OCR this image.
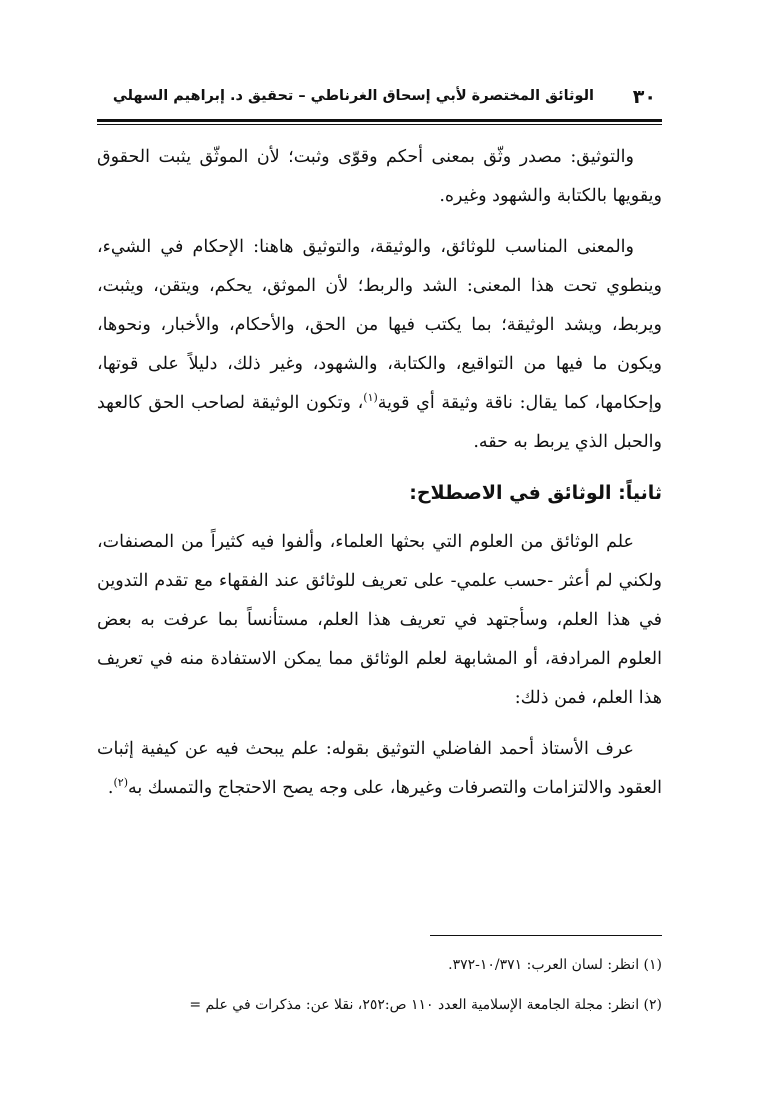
٣٠
الوثائق المختصرة لأبي إسحاق الغرناطي – تحقيق د. إبراهيم السهلي

والتوثيق: مصدر وثّق بمعنى أحكم وقوّى وثبت؛ لأن الموثّق يثبت الحقوق ويقويها بالكتابة والشهود وغيره.

والمعنى المناسب للوثائق، والوثيقة، والتوثيق هاهنا: الإحكام في الشيء، وينطوي تحت هذا المعنى: الشد والربط؛ لأن الموثق، يحكم، ويتقن، ويثبت، ويربط، ويشد الوثيقة؛ بما يكتب فيها من الحق، والأحكام، والأخبار، ونحوها، ويكون ما فيها من التواقيع، والكتابة، والشهود، وغير ذلك، دليلاً على قوتها، وإحكامها، كما يقال: ناقة وثيقة أي قوية$^{(١)}$، وتكون الوثيقة لصاحب الحق كالعهد والحبل الذي يربط به حقه.

ثانياً: الوثائق في الاصطلاح:

علم الوثائق من العلوم التي بحثها العلماء، وألفوا فيه كثيراً من المصنفات، ولكني لم أعثر -حسب علمي- على تعريف للوثائق عند الفقهاء مع تقدم التدوين في هذا العلم، وسأجتهد في تعريف هذا العلم، مستأنساً بما عرفت به بعض العلوم المرادفة، أو المشابهة لعلم الوثائق مما يمكن الاستفادة منه في تعريف هذا العلم، فمن ذلك:

عرف الأستاذ أحمد الفاضلي التوثيق بقوله: علم يبحث فيه عن كيفية إثبات العقود والالتزامات والتصرفات وغيرها، على وجه يصح الاحتجاج والتمسك به$^{(٢)}$.

(١) انظر: لسان العرب: ١٠/٣٧١-٣٧٢.

(٢) انظر: مجلة الجامعة الإسلامية العدد ١١٠ ص:٢٥٢، نقلا عن: مذكرات في علم =
